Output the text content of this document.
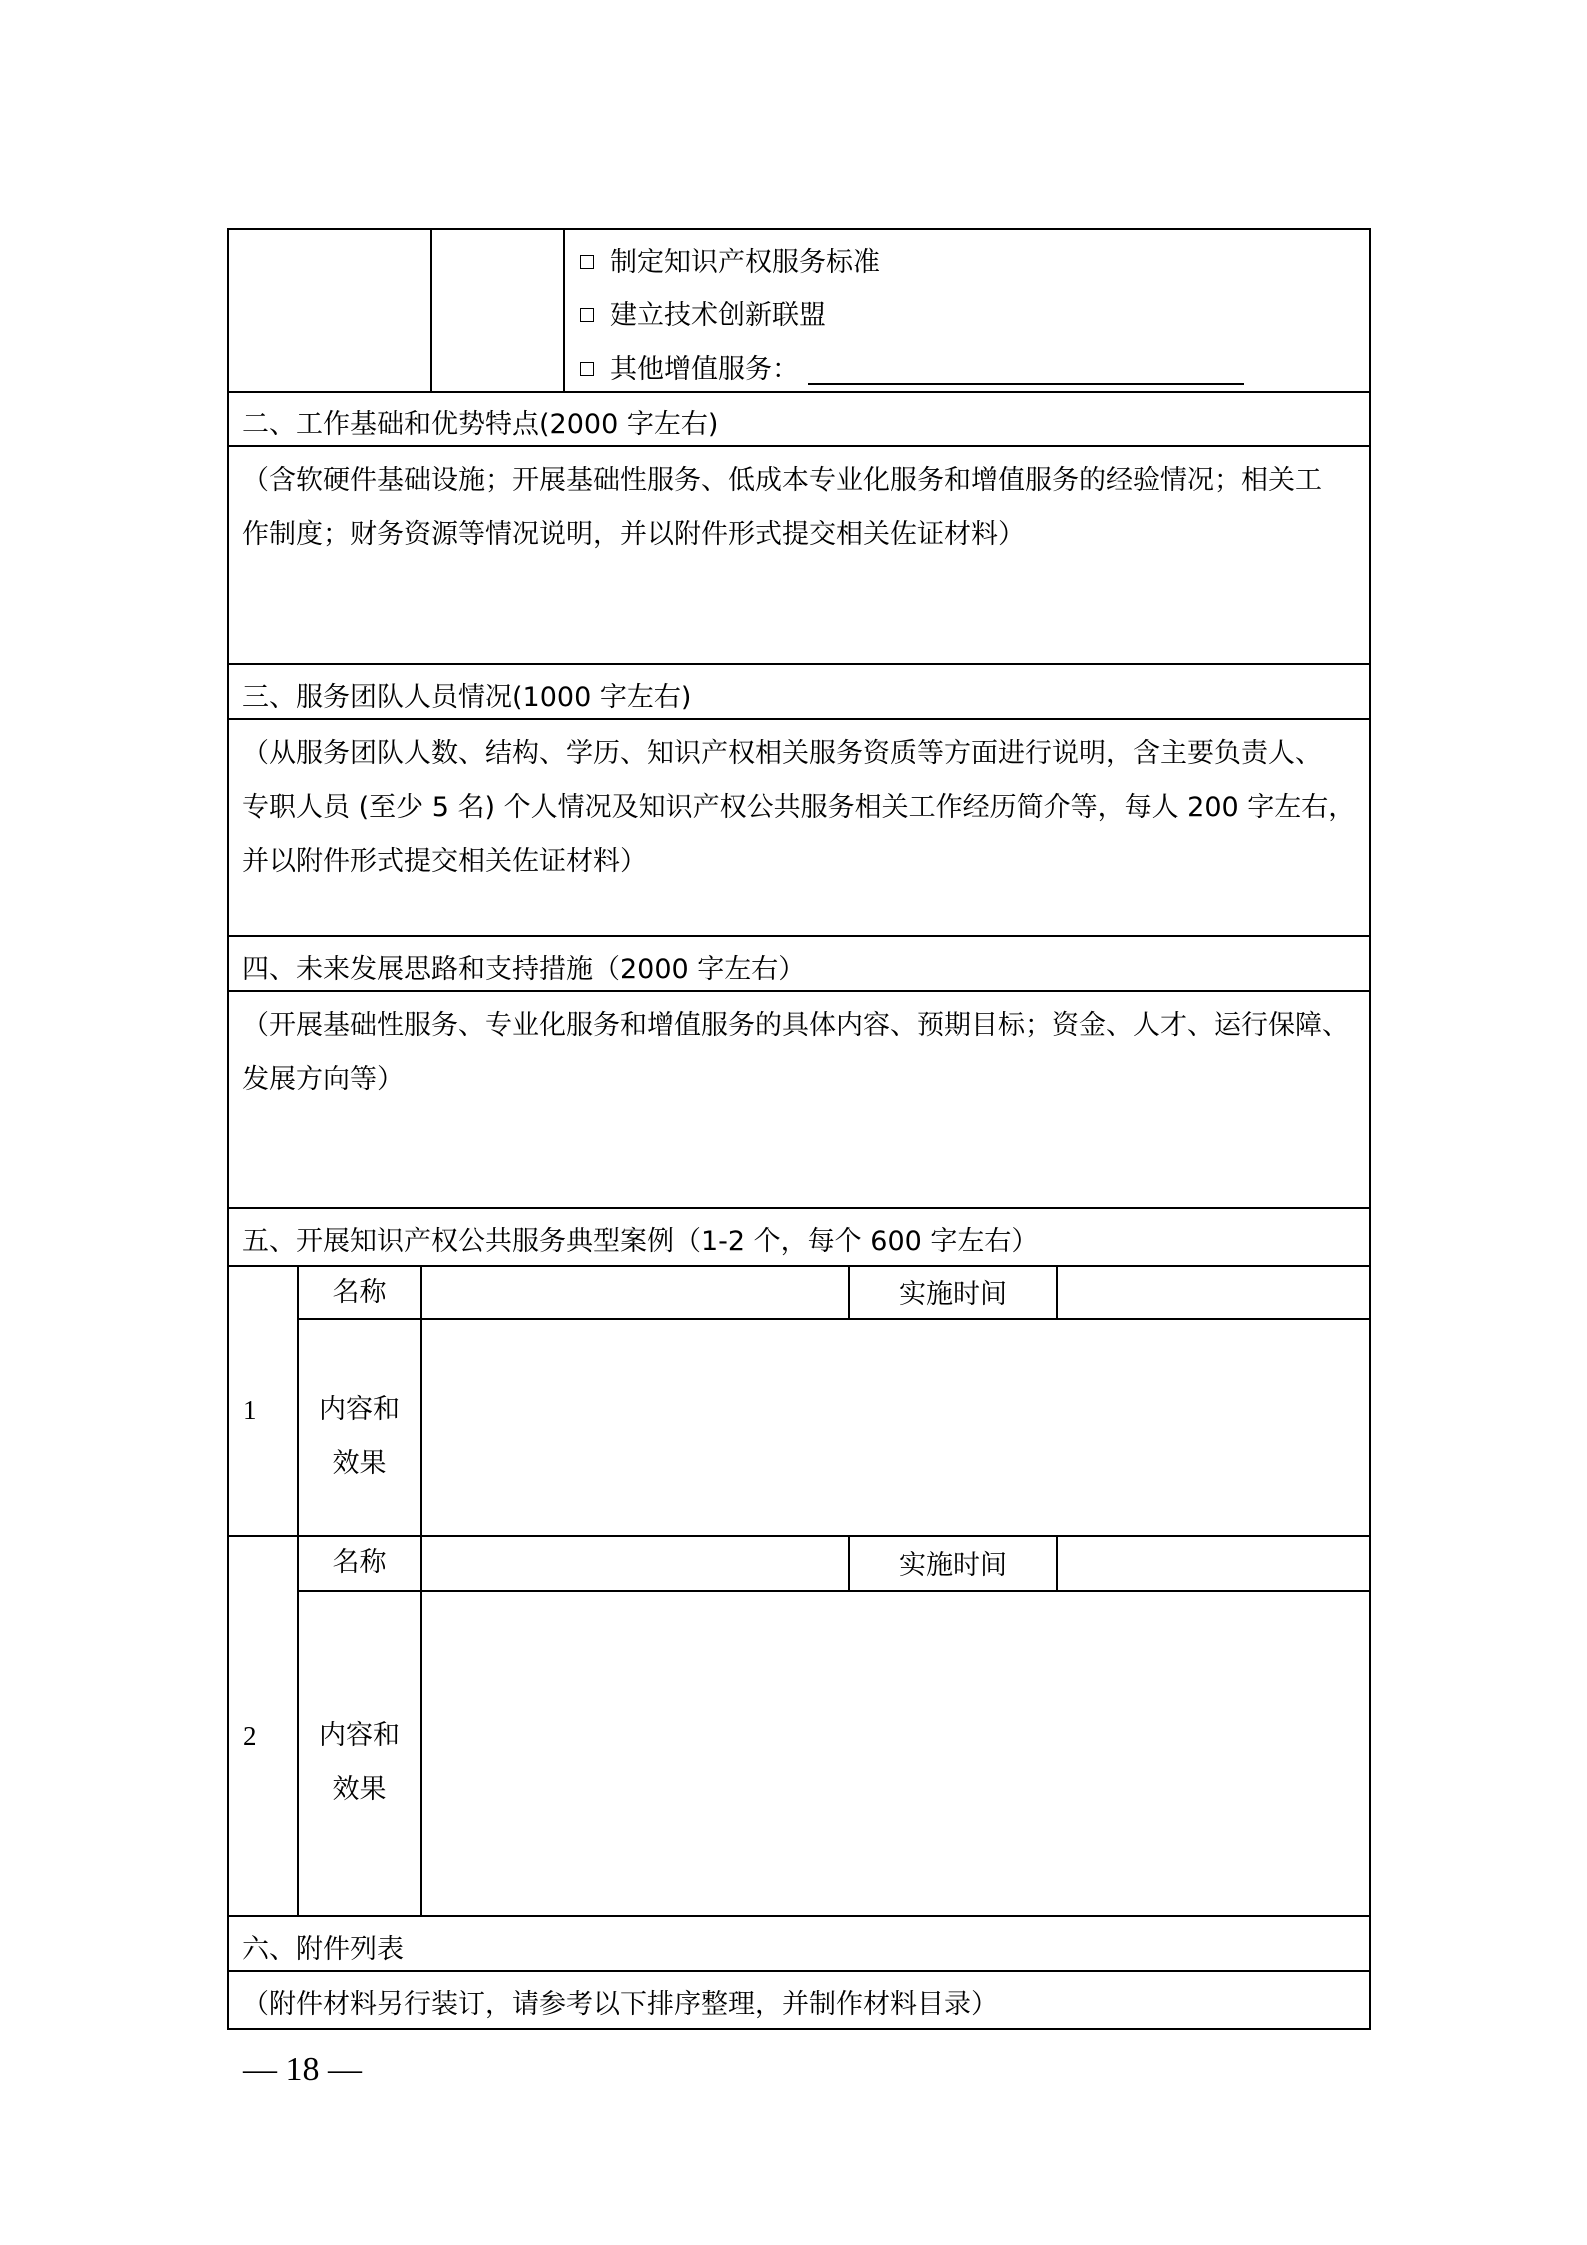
制定知识产权服务标准
建立技术创新联盟
其他增值服务：
二、工作基础和优势特点(2000 字左右)
（含软硬件基础设施；开展基础性服务、低成本专业化服务和增值服务的经验情况；相关工
作制度；财务资源等情况说明，并以附件形式提交相关佐证材料）
三、服务团队人员情况(1000 字左右)
（从服务团队人数、结构、学历、知识产权相关服务资质等方面进行说明，含主要负责人、
专职人员 (至少 5 名) 个人情况及知识产权公共服务相关工作经历简介等，每人 200 字左右，
并以附件形式提交相关佐证材料）
四、未来发展思路和支持措施（2000 字左右）
（开展基础性服务、专业化服务和增值服务的具体内容、预期目标；资金、人才、运行保障、
发展方向等）
五、开展知识产权公共服务典型案例（1-2 个，每个 600 字左右）
1
名称	实施时间
内容和
效果
2
名称	实施时间
内容和
效果
六、附件列表
（附件材料另行装订，请参考以下排序整理，并制作材料目录）
— 18 —
